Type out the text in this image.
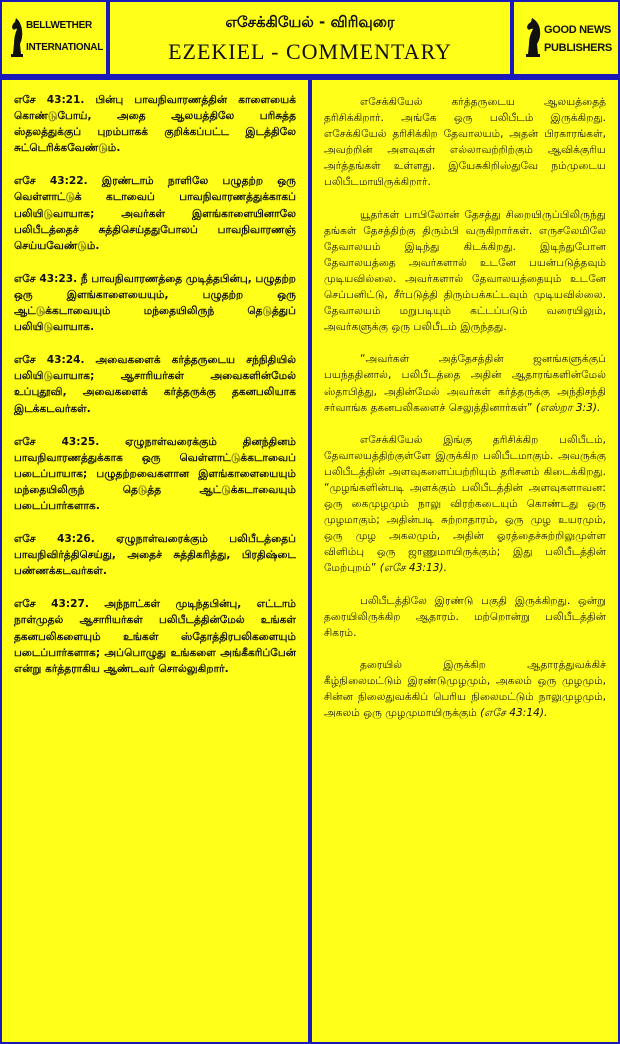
BELLWETHER
INTERNATIONAL
எசேக்கியேல் - விரிவுரை
EZEKIEL - COMMENTARY
GOOD NEWS
PUBLISHERS

எசே 43:21. பின்பு பாவநிவாரணத்தின் காளையைக் கொண்டுபோய், அதை ஆலயத்திலே பரிசுத்த ஸ்தலத்துக்குப் புறம்பாகக் குறிக்கப்பட்ட இடத்திலே சுட்டெரிக்கவேண்டும்.

எசே 43:22. இரண்டாம் நாளிலே பழுதற்ற ஒரு வெள்ளாட்டுக் கடாவைப் பாவநிவாரணத்துக்காகப் பலியிடுவாயாக; அவர்கள் இளங்காளையினாலே பலிபீடத்தைச் சுத்திசெய்ததுபோலப் பாவநிவாரணஞ் செய்யவேண்டும்.

எசே 43:23. நீ பாவநிவாரணத்தை முடித்தபின்பு, பழுதற்ற ஒரு இளங்காளையையும், பழுதற்ற ஒரு ஆட்டுக்கடாவையும் மந்தையிலிருந் தெடுத்துப் பலியிடுவாயாக.

எசே 43:24. அவைகளைக் கர்த்தருடைய சந்நிதியில் பலியிடுவாயாக; ஆசாரியர்கள் அவைகளின்மேல் உப்புதூவி, அவைகளைக் கர்த்தருக்கு தகனபலியாக இடக்கடவர்கள்.

எசே 43:25. ஏழுநாள்வரைக்கும் தினந்தினம் பாவநிவாரணத்துக்காக ஒரு வெள்ளாட்டுக்கடாவைப் படைப்பாயாக; பழுதற்றவைகளான இளங்காளையையும் மந்தையிலிருந் தெடுத்த ஆட்டுக்கடாவையும் படைப்பார்களாக.

எசே 43:26. ஏழுநாள்வரைக்கும் பலிபீடத்தைப் பாவநிவிர்த்திசெய்து, அதைச் சுத்திகரித்து, பிரதிஷ்டை பண்ணக்கடவர்கள்.

எசே 43:27. அந்நாட்கள் முடிந்தபின்பு, எட்டாம் நாள்முதல் ஆசாரியர்கள் பலிபீடத்தின்மேல் உங்கள் தகனபலிகளையும் உங்கள் ஸ்தோத்திரபலிகளையும் படைப்பார்களாக; அப்பொழுது உங்களை அங்கீகரிப்பேன் என்று கர்த்தராகிய ஆண்டவர் சொல்லுகிறார்.

எசேக்கியேல் கர்த்தருடைய ஆலயத்தைத் தரிசிக்கிறார். அங்கே ஒரு பலிபீடம் இருக்கிறது. எசேக்கியேல் தரிசிக்கிற தேவாலயம், அதன் பிரகாரங்கள், அவற்றின் அளவுகள் எல்லாவற்றிற்கும் ஆவிக்குரிய அர்த்தங்கள் உள்ளது. இயேசுகிறிஸ்துவே நம்முடைய பலிபீடமாயிருக்கிறார்.

யூதர்கள் பாபிலோன் தேசத்து சிறையிருப்பிலிருந்து தங்கள் தேசத்திற்கு திரும்பி வருகிறார்கள். எருசலேமிலே தேவாலயம் இடிந்து கிடக்கிறது. இடிந்துபோன தேவாலயத்தை அவர்களால் உடனே பயன்படுத்தவும் முடியவில்லை. அவர்களால் தேவாலயத்தையும் உடனே செப்பனிட்டு, சீர்படுத்தி திரும்பக்கட்டவும் முடியவில்லை. தேவாலயம் மறுபடியும் கட்டப்படும் வரையிலும், அவர்களுக்கு ஒரு பலிபீடம் இருந்தது.

“அவர்கள் அத்தேசத்தின் ஜனங்களுக்குப் பயந்ததினால், பலிபீடத்தை அதின் ஆதாரங்களின்மேல் ஸ்தாபித்து, அதின்மேல் அவர்கள் கர்த்தருக்கு அந்திசந்தி சர்வாங்க தகனபலிகளைச் செலுத்தினார்கள்” (எஸ்றா 3:3).

எசேக்கியேல் இங்கு தரிசிக்கிற பலிபீடம், தேவாலயத்திற்குள்ளே இருக்கிற பலிபீடமாகும். அவருக்கு பலிபீடத்தின் அளவுகளைப்பற்றியும் தரிசனம் கிடைக்கிறது. “முழங்களின்படி அளக்கும் பலிபீடத்தின் அளவுகளாவன: ஒரு கைமுழமும் நாலு விரற்கடையும் கொண்டது ஒரு முழமாகும்; அதின்படி சுற்றாதாரம், ஒரு முழ உயரமும், ஒரு முழ அகலமும், அதின் ஓரத்தைச்சுற்றிலுமுள்ள விளிம்பு ஒரு ஜாணுமாயிருக்கும்; இது பலிபீடத்தின் மேற்புறம்” (எசே 43:13).

பலிபீடத்திலே இரண்டு பகுதி இருக்கிறது. ஒன்று தரையிலிருக்கிற ஆதாரம். மற்றொன்று பலிபீடத்தின் சிகரம்.

தரையில் இருக்கிற ஆதாரத்துவக்கிச் கீழ்நிலைமட்டும் இரண்டுமுழமும், அகலம் ஒரு முழமும், சின்ன நிலைதுவக்கிப் பெரிய நிலைமட்டும் நாலுமுழமும், அகலம் ஒரு முழமுமாயிருக்கும் (எசே 43:14).
